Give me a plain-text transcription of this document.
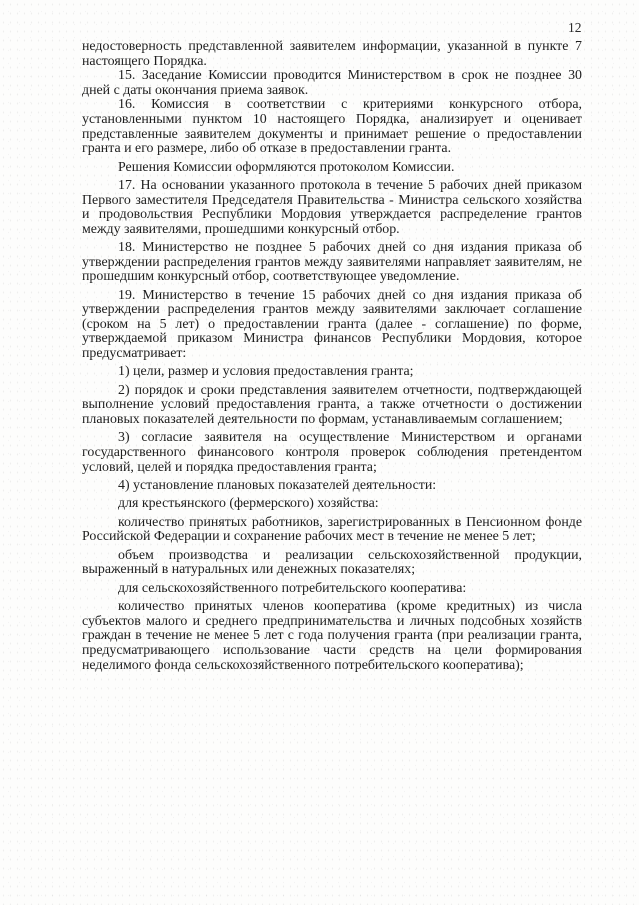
12

недостоверность представленной заявителем информации, указанной в пункте 7 настоящего Порядка.

15. Заседание Комиссии проводится Министерством в срок не позднее 30 дней с даты окончания приема заявок.

16. Комиссия в соответствии с критериями конкурсного отбора, установленными пунктом 10 настоящего Порядка, анализирует и оценивает представленные заявителем документы и принимает решение о предоставлении гранта и его размере, либо об отказе в предоставлении гранта.

Решения Комиссии оформляются протоколом Комиссии.

17. На основании указанного протокола в течение 5 рабочих дней приказом Первого заместителя Председателя Правительства - Министра сельского хозяйства и продовольствия Республики Мордовия утверждается распределение грантов между заявителями, прошедшими конкурсный отбор.

18. Министерство не позднее 5 рабочих дней со дня издания приказа об утверждении распределения грантов между заявителями направляет заявителям, не прошедшим конкурсный отбор, соответствующее уведомление.

19. Министерство в течение 15 рабочих дней со дня издания приказа об утверждении распределения грантов между заявителями заключает соглашение (сроком на 5 лет) о предоставлении гранта (далее - соглашение) по форме, утверждаемой приказом Министра финансов Республики Мордовия, которое предусматривает:

1) цели, размер и условия предоставления гранта;

2) порядок и сроки представления заявителем отчетности, подтверждающей выполнение условий предоставления гранта, а также отчетности о достижении плановых показателей деятельности по формам, устанавливаемым соглашением;

3) согласие заявителя на осуществление Министерством и органами государственного финансового контроля проверок соблюдения претендентом условий, целей и порядка предоставления гранта;

4) установление плановых показателей деятельности:

для крестьянского (фермерского) хозяйства:

количество принятых работников, зарегистрированных в Пенсионном фонде Российской Федерации и сохранение рабочих мест в течение не менее 5 лет;

объем производства и реализации сельскохозяйственной продукции, выраженный в натуральных или денежных показателях;

для сельскохозяйственного потребительского кооператива:

количество принятых членов кооператива (кроме кредитных) из числа субъектов малого и среднего предпринимательства и личных подсобных хозяйств граждан в течение не менее 5 лет с года получения гранта (при реализации гранта, предусматривающего использование части средств на цели формирования неделимого фонда сельскохозяйственного потребительского кооператива);
